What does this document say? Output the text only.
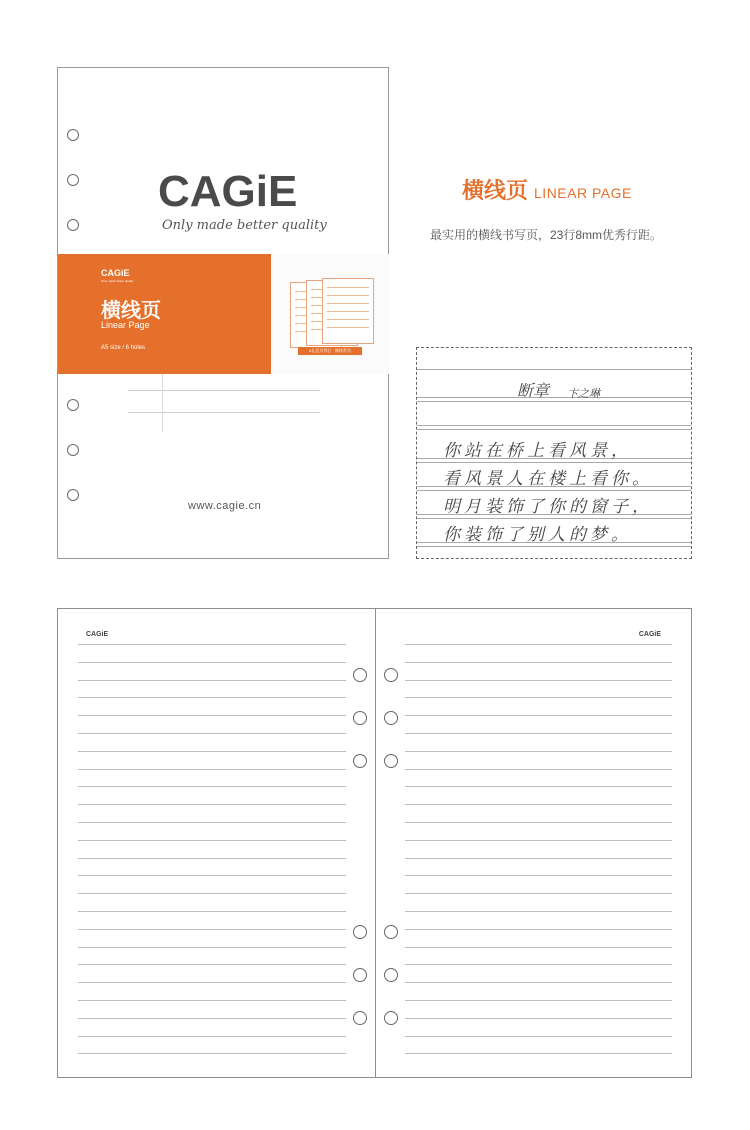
CAGiE
Only made better quality
CAGiE
Only made better quality
横线页
Linear Page
A5 size / 6 holes	6孔活页替芯 · 横线系列
www.cagie.cn
横线页 LINEAR PAGE
最实用的横线书写页，23行8mm优秀行距。
断章 卞之琳
你站在桥上看风景，
看风景人在楼上看你。
明月装饰了你的窗子，
你装饰了别人的梦。
CAGiE	CAGiE
